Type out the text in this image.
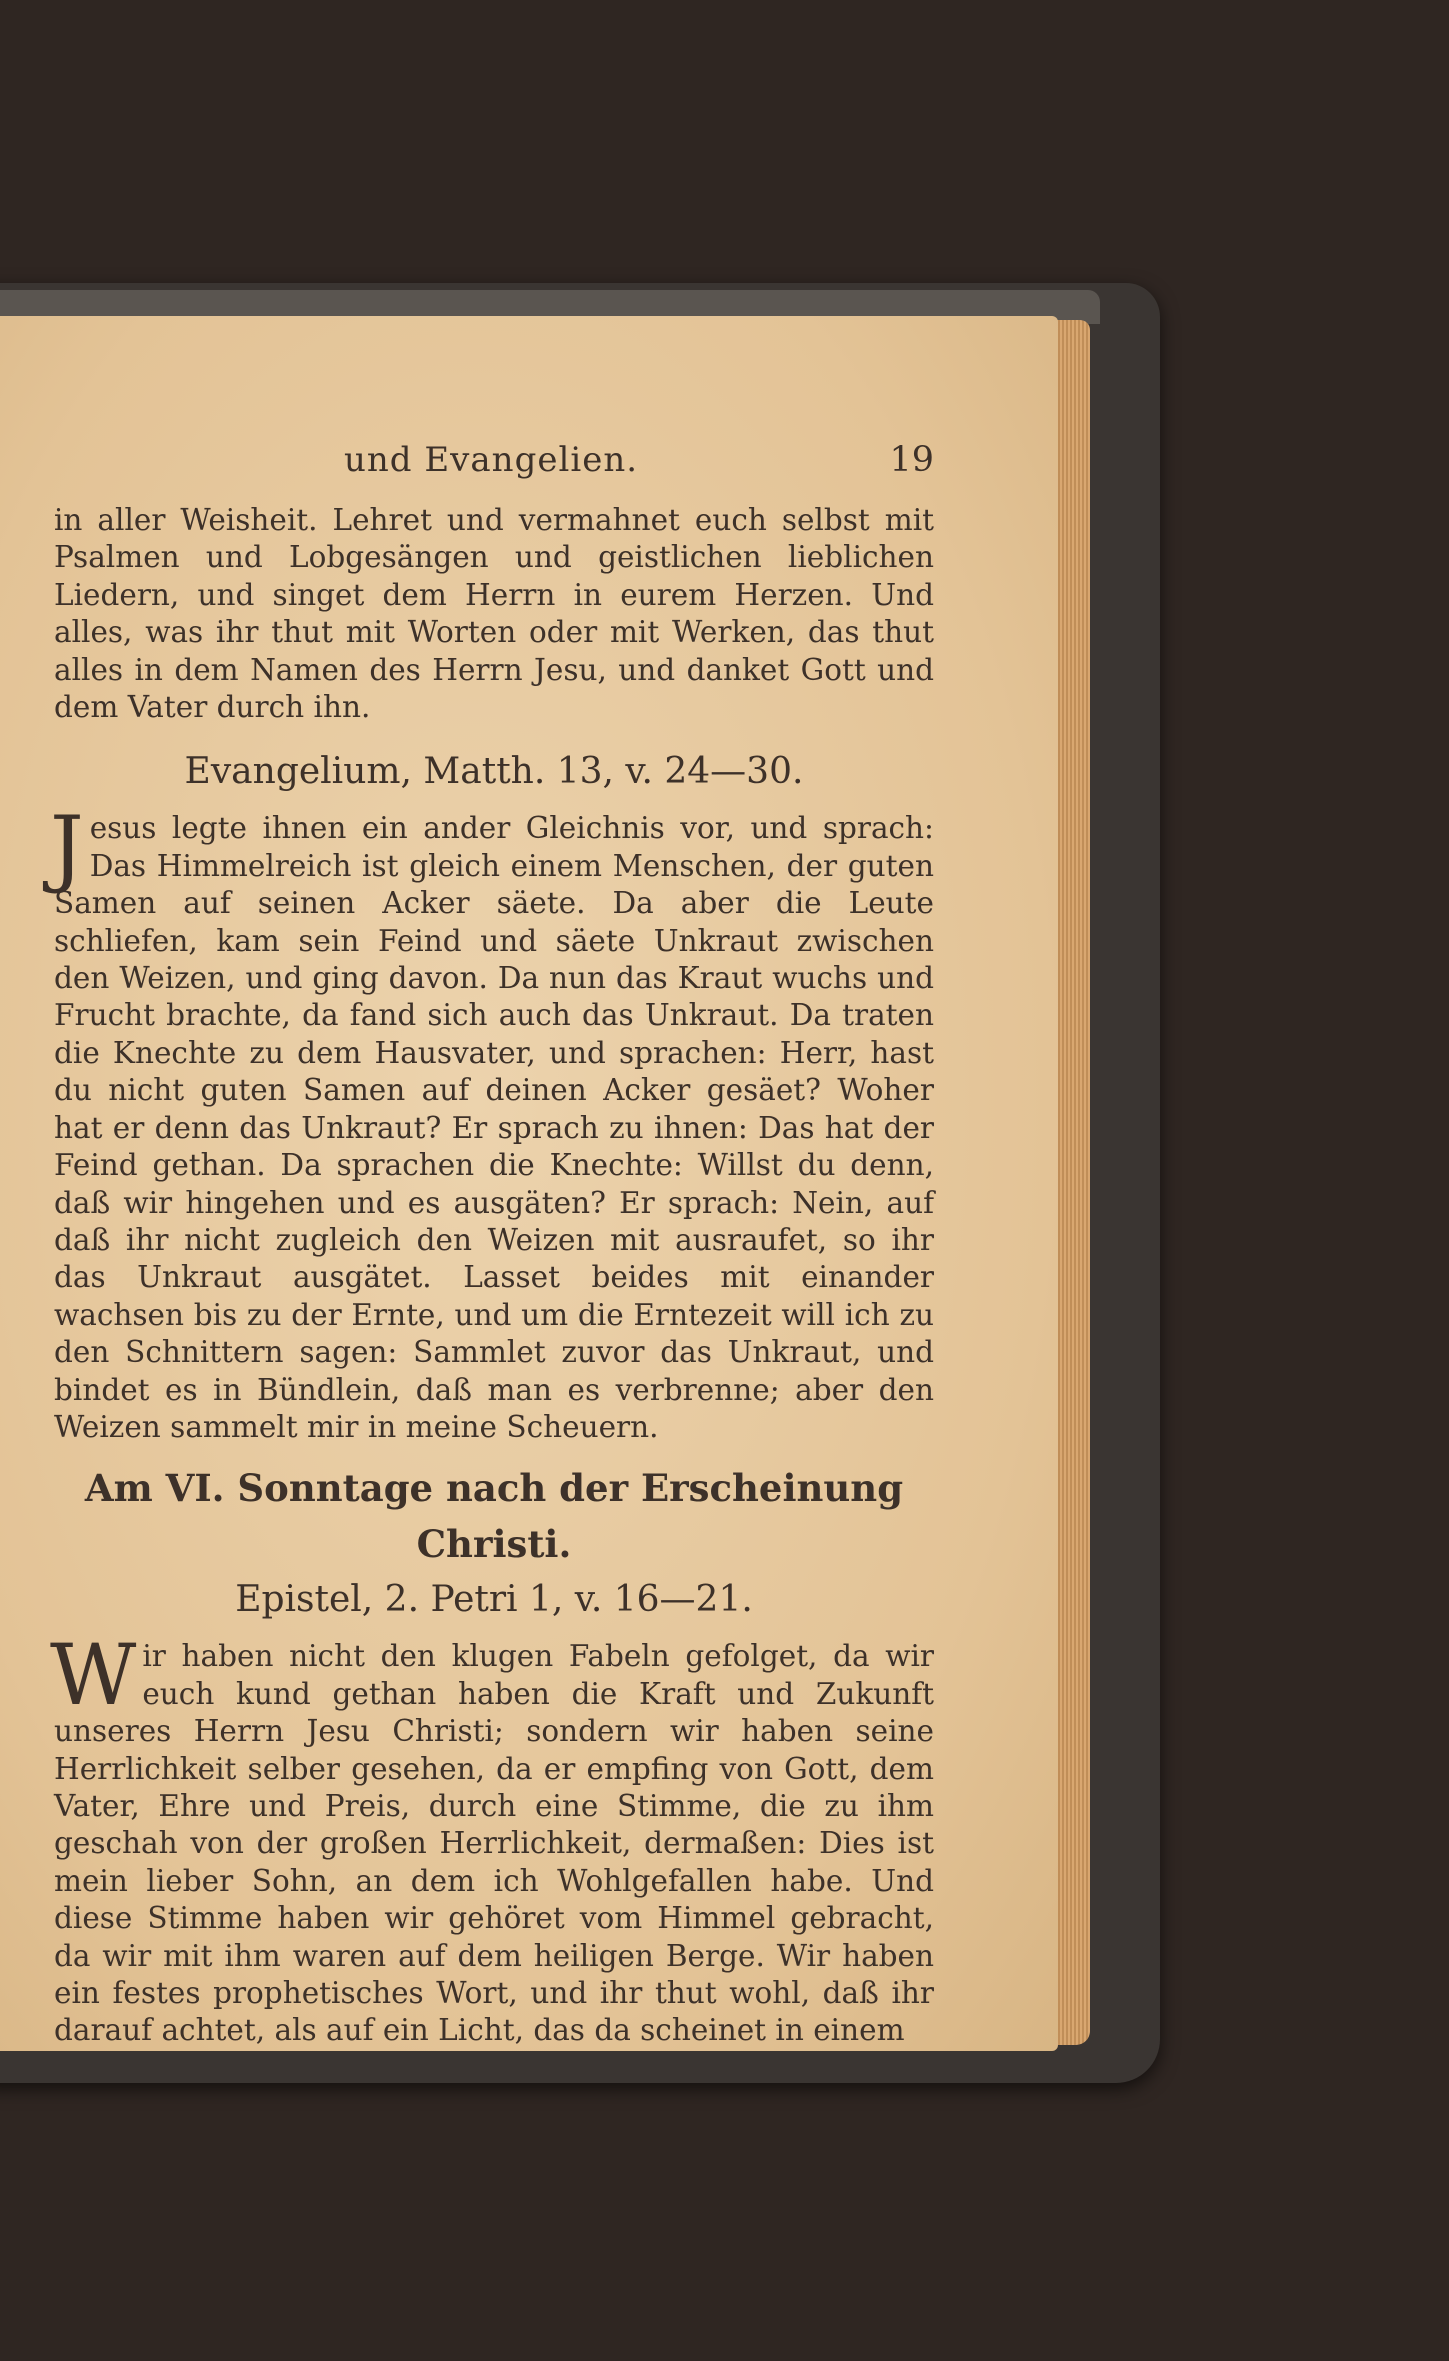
und Evangelien.	19

in aller Weisheit. Lehret und vermahnet euch selbst mit Psalmen und Lobgesängen und geistlichen lieblichen Liedern, und singet dem Herrn in eurem Herzen. Und alles, was ihr thut mit Worten oder mit Werken, das thut alles in dem Namen des Herrn Jesu, und danket Gott und dem Vater durch ihn.

Evangelium, Matth. 13, v. 24—30.

Jesus legte ihnen ein ander Gleichnis vor, und sprach: Das Himmelreich ist gleich einem Menschen, der guten Samen auf seinen Acker säete. Da aber die Leute schliefen, kam sein Feind und säete Unkraut zwischen den Weizen, und ging davon. Da nun das Kraut wuchs und Frucht brachte, da fand sich auch das Unkraut. Da traten die Knechte zu dem Hausvater, und sprachen: Herr, hast du nicht guten Samen auf deinen Acker gesäet? Woher hat er denn das Unkraut? Er sprach zu ihnen: Das hat der Feind gethan. Da sprachen die Knechte: Willst du denn, daß wir hingehen und es ausgäten? Er sprach: Nein, auf daß ihr nicht zugleich den Weizen mit ausraufet, so ihr das Unkraut ausgätet. Lasset beides mit einander wachsen bis zu der Ernte, und um die Erntezeit will ich zu den Schnittern sagen: Sammlet zuvor das Unkraut, und bindet es in Bündlein, daß man es verbrenne; aber den Weizen sammelt mir in meine Scheuern.

Am VI. Sonntage nach der Erscheinung Christi.
Epistel, 2. Petri 1, v. 16—21.

Wir haben nicht den klugen Fabeln gefolget, da wir euch kund gethan haben die Kraft und Zukunft unseres Herrn Jesu Christi; sondern wir haben seine Herrlichkeit selber gesehen, da er empfing von Gott, dem Vater, Ehre und Preis, durch eine Stimme, die zu ihm geschah von der großen Herrlichkeit, dermaßen: Dies ist mein lieber Sohn, an dem ich Wohlgefallen habe. Und diese Stimme haben wir gehöret vom Himmel gebracht, da wir mit ihm waren auf dem heiligen Berge. Wir haben ein festes prophetisches Wort, und ihr thut wohl, daß ihr darauf achtet, als auf ein Licht, das da scheinet in einem
